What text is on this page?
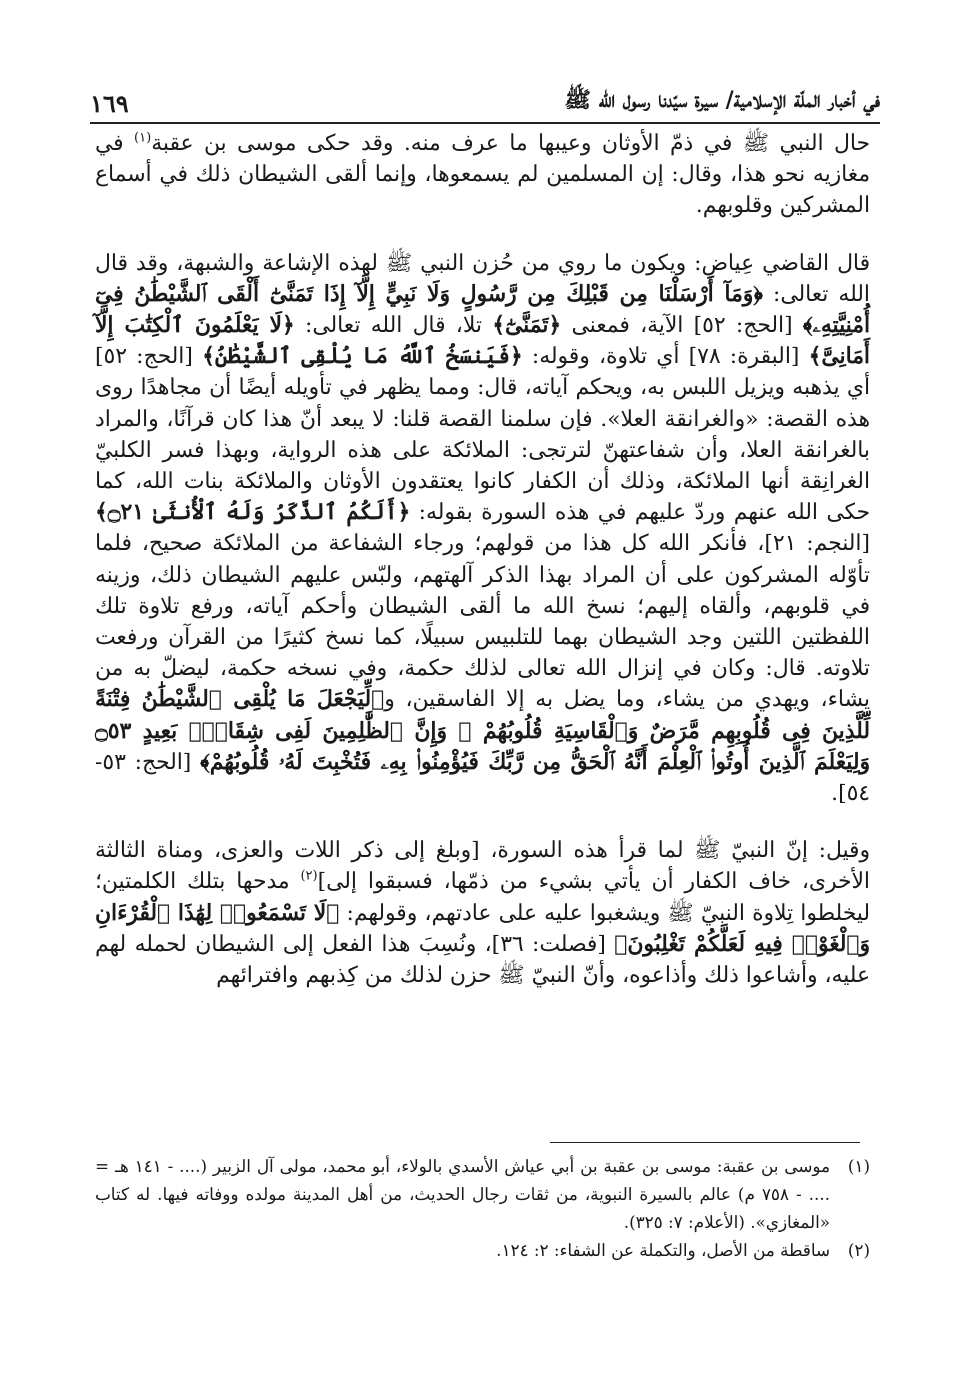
في أخبار الملّة الإسلامية/ سيرة سيّدنا رسول الله ﷺ
١٦٩

حال النبي ﷺ في ذمّ الأوثان وعيبها ما عرف منه. وقد حكى موسى بن عقبة$^{(١)}$ في مغازيه نحو هذا، وقال: إن المسلمين لم يسمعوها، وإنما ألقى الشيطان ذلك في أسماع المشركين وقلوبهم.

قال القاضي عِياض: ويكون ما روي من حُزن النبي ﷺ لهذه الإشاعة والشبهة، وقد قال الله تعالى: ﴿وَمَآ أَرْسَلْنَا مِن قَبْلِكَ مِن رَّسُولٍ وَلَا نَبِيٍّ إِلَّآ إِذَا تَمَنَّىٰٓ أَلْقَى ٱلشَّيْطَٰنُ فِىٓ أُمْنِيَّتِهِۦ﴾ [الحج: ٥٢] الآية، فمعنى ﴿تَمَنَّىٰٓ﴾ تلا، قال الله تعالى: ﴿لَا يَعْلَمُونَ ٱلْكِتَٰبَ إِلَّآ أَمَانِىَّ﴾ [البقرة: ٧٨] أي تلاوة، وقوله: ﴿فَيَنسَخُ ٱللَّهُ مَا يُلْقِى ٱلشَّيْطَٰنُ﴾ [الحج: ٥٢] أي يذهبه ويزيل اللبس به، ويحكم آياته، قال: ومما يظهر في تأويله أيضًا أن مجاهدًا روى هذه القصة: «والغرانقة العلا». فإن سلمنا القصة قلنا: لا يبعد أنّ هذا كان قرآنًا، والمراد بالغرانقة العلا، وأن شفاعتهنّ لترتجى: الملائكة على هذه الرواية، وبهذا فسر الكلبيّ الغرانِقة أنها الملائكة، وذلك أن الكفار كانوا يعتقدون الأوثان والملائكة بنات الله، كما حكى الله عنهم وردّ عليهم في هذه السورة بقوله: ﴿أَلَكُمُ ٱلذَّكَرُ وَلَهُ ٱلْأُنثَىٰ ۝٢١﴾ [النجم: ٢١]، فأنكر الله كل هذا من قولهم؛ ورجاء الشفاعة من الملائكة صحيح، فلما تأوّله المشركون على أن المراد بهذا الذكر آلهتهم، ولبّس عليهم الشيطان ذلك، وزينه في قلوبهم، وألقاه إليهم؛ نسخ الله ما ألقى الشيطان وأحكم آياته، ورفع تلاوة تلك اللفظتين اللتين وجد الشيطان بهما للتلبيس سبيلًا، كما نسخ كثيرًا من القرآن ورفعت تلاوته. قال: وكان في إنزال الله تعالى لذلك حكمة، وفي نسخه حكمة، ليضلّ به من يشاء، ويهدي من يشاء، وما يضل به إلا الفاسقين، و﴿لِّيَجْعَلَ مَا يُلْقِى ٱلشَّيْطَٰنُ فِتْنَةً لِّلَّذِينَ فِى قُلُوبِهِم مَّرَضٌ وَٱلْقَاسِيَةِ قُلُوبُهُمْ ۗ وَإِنَّ ٱلظَّٰلِمِينَ لَفِى شِقَاقٍۭ بَعِيدٍ ۝٥٣ وَلِيَعْلَمَ ٱلَّذِينَ أُوتُوا۟ ٱلْعِلْمَ أَنَّهُ ٱلْحَقُّ مِن رَّبِّكَ فَيُؤْمِنُوا۟ بِهِۦ فَتُخْبِتَ لَهُۥ قُلُوبُهُمْ﴾ [الحج: ٥٣- ٥٤].

وقيل: إنّ النبيّ ﷺ لما قرأ هذه السورة، [وبلغ إلى ذكر اللات والعزى، ومناة الثالثة الأخرى، خاف الكفار أن يأتي بشيء من ذمّها، فسبقوا إلى]$^{(٢)}$ مدحها بتلك الكلمتين؛ ليخلطوا تِلاوة النبيّ ﷺ ويشغبوا عليه على عادتهم، وقولهم: ﴿لَا تَسْمَعُوا۟ لِهَٰذَا ٱلْقُرْءَانِ وَٱلْغَوْا۟ فِيهِ لَعَلَّكُمْ تَغْلِبُونَ﴾ [فصلت: ٣٦]، ونُسِبَ هذا الفعل إلى الشيطان لحمله لهم عليه، وأشاعوا ذلك وأذاعوه، وأنّ النبيّ ﷺ حزن لذلك من كِذبهم وافترائهم

(١)
موسى بن عقبة: موسى بن عقبة بن أبي عياش الأسدي بالولاء، أبو محمد، مولى آل الزبير (.... - ١٤١ هـ = .... - ٧٥٨ م) عالم بالسيرة النبوية، من ثقات رجال الحديث، من أهل المدينة مولده ووفاته فيها. له كتاب «المغازي». (الأعلام: ٧: ٣٢٥).
(٢)
ساقطة من الأصل، والتكملة عن الشفاء: ٢: ١٢٤.
